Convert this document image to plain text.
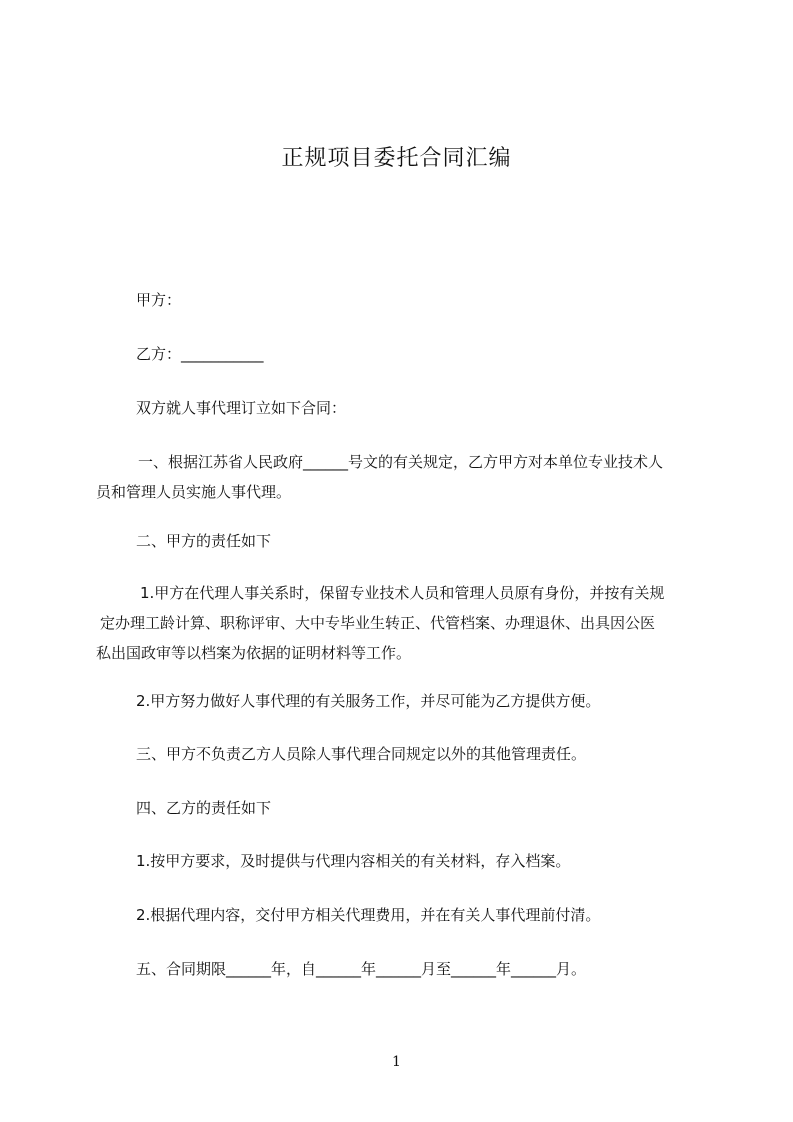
正规项目委托合同汇编
甲方：
乙方：___________
双方就人事代理订立如下合同：
一、根据江苏省人民政府______号文的有关规定，乙方甲方对本单位专业技术人
员和管理人员实施人事代理。
二、甲方的责任如下
1.甲方在代理人事关系时，保留专业技术人员和管理人员原有身份，并按有关规
定办理工龄计算、职称评审、大中专毕业生转正、代管档案、办理退休、出具因公医
私出国政审等以档案为依据的证明材料等工作。
2.甲方努力做好人事代理的有关服务工作，并尽可能为乙方提供方便。
三、甲方不负责乙方人员除人事代理合同规定以外的其他管理责任。
四、乙方的责任如下
1.按甲方要求，及时提供与代理内容相关的有关材料，存入档案。
2.根据代理内容，交付甲方相关代理费用，并在有关人事代理前付清。
五、合同期限______年，自______年______月至______年______月。
1
